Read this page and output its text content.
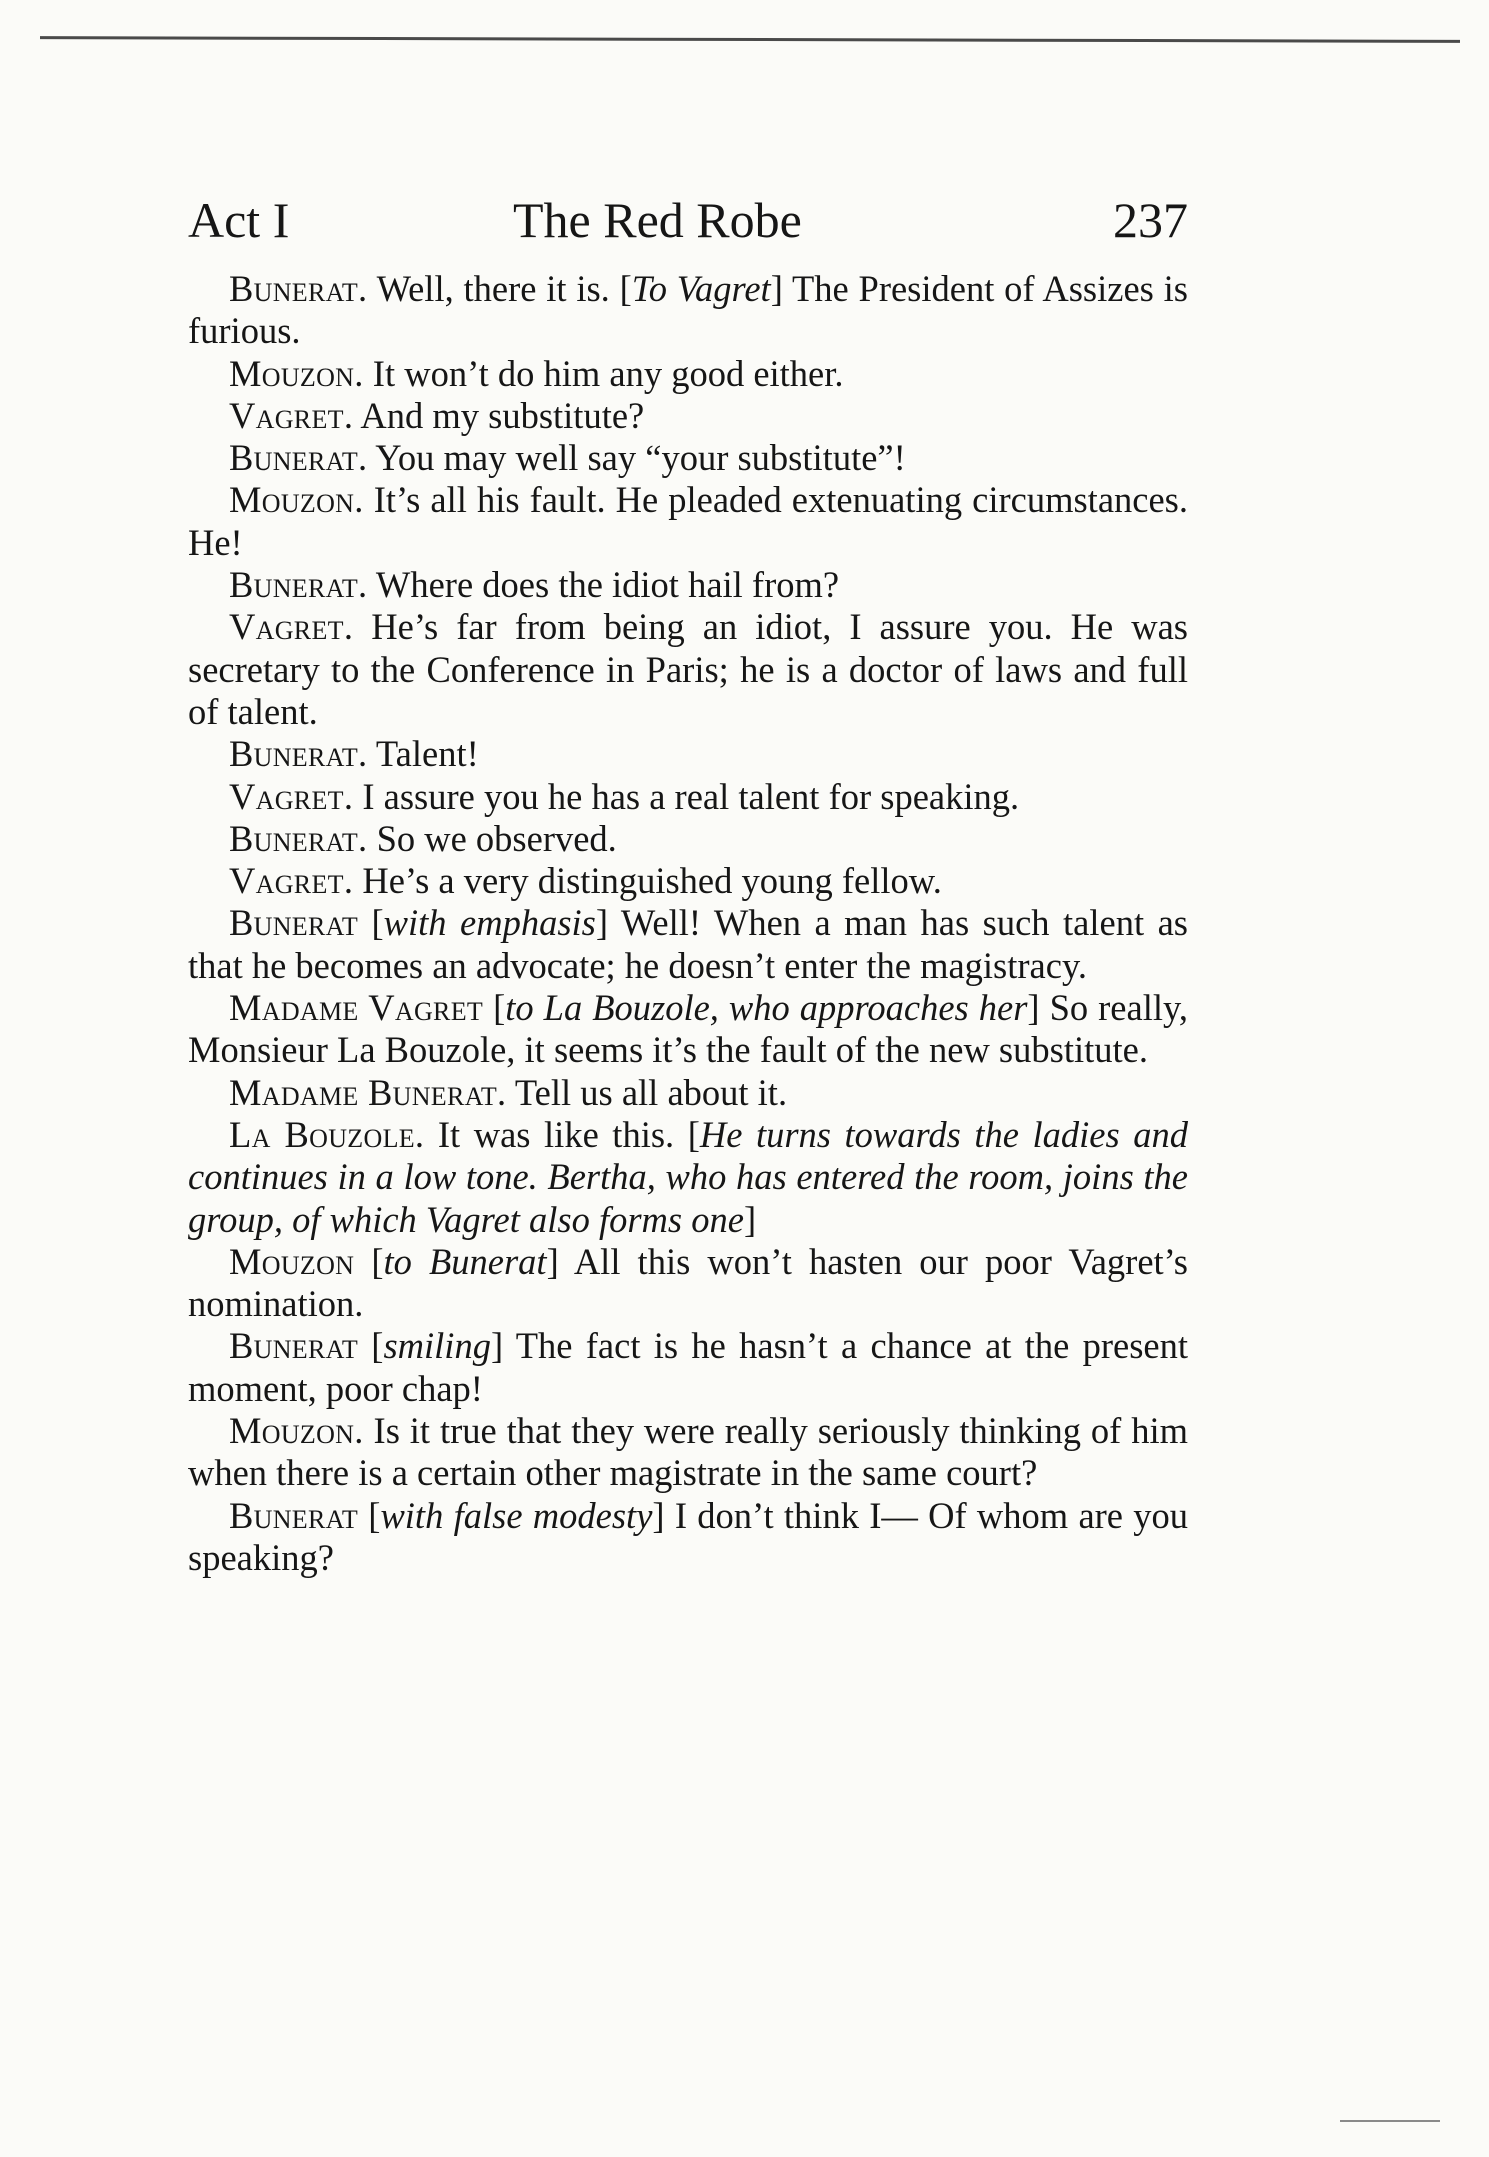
Act I	The Red Robe	237

Bunerat. Well, there it is. [To Vagret] The President of Assizes is furious.

Mouzon. It won’t do him any good either.

Vagret. And my substitute?

Bunerat. You may well say “your substitute”!

Mouzon. It’s all his fault. He pleaded extenuating circumstances. He!

Bunerat. Where does the idiot hail from?

Vagret. He’s far from being an idiot, I assure you. He was secretary to the Conference in Paris; he is a doctor of laws and full of talent.

Bunerat. Talent!

Vagret. I assure you he has a real talent for speaking.

Bunerat. So we observed.

Vagret. He’s a very distinguished young fellow.

Bunerat [with emphasis] Well! When a man has such talent as that he becomes an advocate; he doesn’t enter the magistracy.

Madame Vagret [to La Bouzole, who approaches her] So really, Monsieur La Bouzole, it seems it’s the fault of the new substitute.

Madame Bunerat. Tell us all about it.

La Bouzole. It was like this. [He turns towards the ladies and continues in a low tone. Bertha, who has entered the room, joins the group, of which Vagret also forms one]

Mouzon [to Bunerat] All this won’t hasten our poor Vagret’s nomination.

Bunerat [smiling] The fact is he hasn’t a chance at the present moment, poor chap!

Mouzon. Is it true that they were really seriously thinking of him when there is a certain other magistrate in the same court?

Bunerat [with false modesty] I don’t think I— Of whom are you speaking?
